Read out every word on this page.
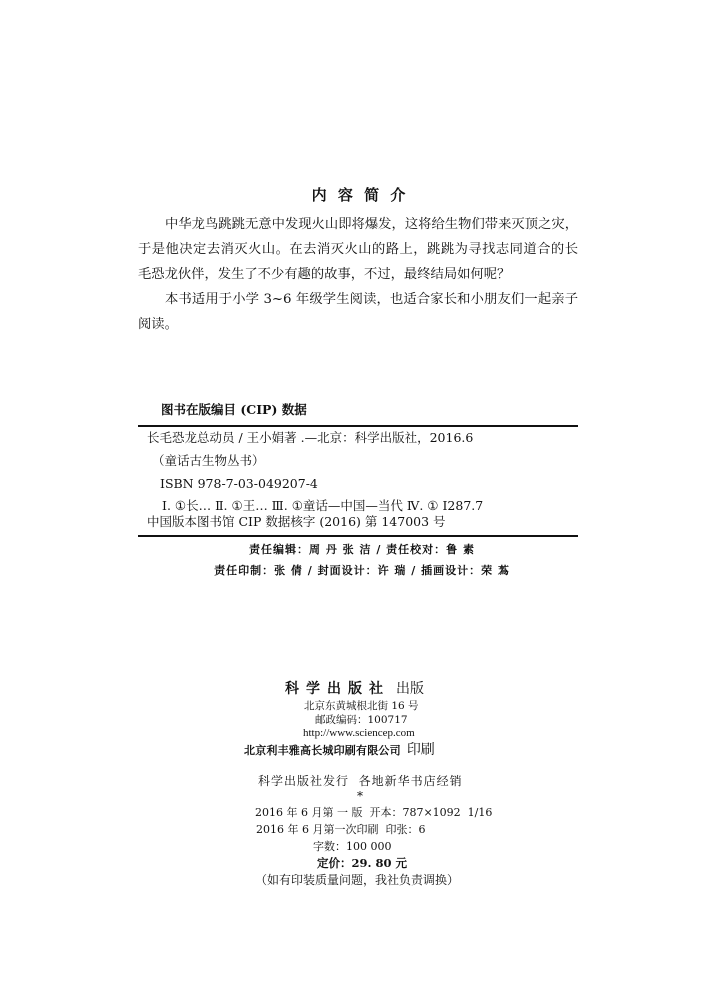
内 容 简 介
中华龙鸟跳跳无意中发现火山即将爆发，这将给生物们带来灭顶之灾，
于是他决定去消灭火山。在去消灭火山的路上，跳跳为寻找志同道合的长
毛恐龙伙伴，发生了不少有趣的故事，不过，最终结局如何呢？
本书适用于小学 3~6 年级学生阅读，也适合家长和小朋友们一起亲子
阅读。
图书在版编目 (CIP) 数据
长毛恐龙总动员 / 王小娟著 .—北京：科学出版社，2016.6
（童话古生物丛书）
ISBN 978-7-03-049207-4
Ⅰ. ①长… Ⅱ. ①王… Ⅲ. ①童话—中国—当代 Ⅳ. ① I287.7
中国版本图书馆 CIP 数据核字 (2016) 第 147003 号
责任编辑：周 丹 张 洁 / 责任校对：鲁 素
责任印制：张 倩 / 封面设计：许 瑞 / 插画设计：荣 蒍
科学出版社 出版
北京东黄城根北街 16 号
邮政编码：100717
http://www.sciencep.com
北京利丰雅高长城印刷有限公司 印刷
科学出版社发行  各地新华书店经销
*
2016 年 6 月第 一 版  开本：787×1092  1/16
2016 年 6 月第一次印刷  印张：6
字数：100 000
定价：29. 80 元
（如有印装质量问题，我社负责调换）
